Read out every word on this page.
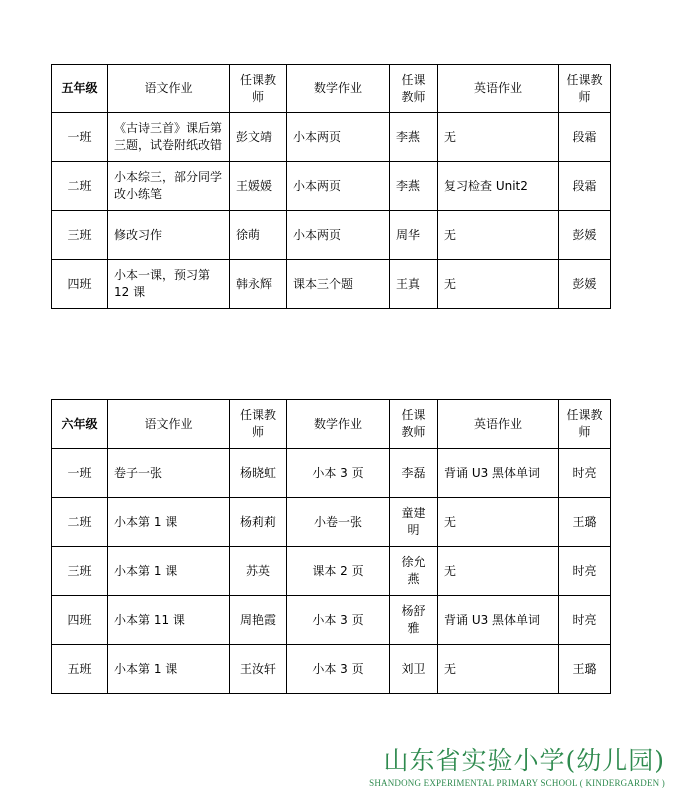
五年级	语文作业	任课教师	数学作业	任课教师	英语作业	任课教师
一班	《古诗三首》课后第三题，试卷附纸改错	彭文靖	小本两页	李燕	无	段霜
二班	小本综三，部分同学改小练笔	王媛媛	小本两页	李燕	复习检查 Unit2	段霜
三班	修改习作	徐萌	小本两页	周华	无	彭媛
四班	小本一课，预习第 12 课	韩永辉	课本三个题	王真	无	彭媛
六年级	语文作业	任课教师	数学作业	任课教师	英语作业	任课教师
一班	卷子一张	杨晓虹	小本 3 页	李磊	背诵 U3 黑体单词	时亮
二班	小本第 1 课	杨莉莉	小卷一张	童建明	无	王璐
三班	小本第 1 课	苏英	课本 2 页	徐允燕	无	时亮
四班	小本第 11 课	周艳霞	小本 3 页	杨舒雅	背诵 U3 黑体单词	时亮
五班	小本第 1 课	王汝轩	小本 3 页	刘卫	无	王璐
山东省实验小学(幼儿园)
SHANDONG EXPERIMENTAL PRIMARY SCHOOL ( KINDERGARDEN )
